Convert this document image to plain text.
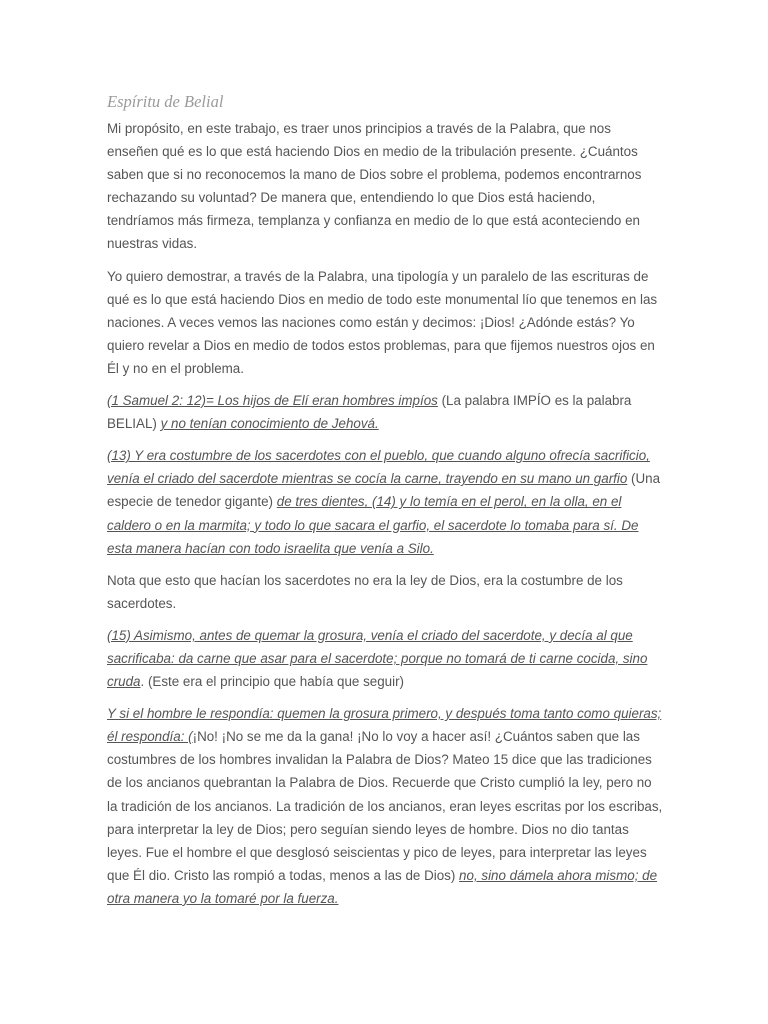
Espíritu de Belial

Mi propósito, en este trabajo, es traer unos principios a través de la Palabra, que nos enseñen qué es lo que está haciendo Dios en medio de la tribulación presente. ¿Cuántos saben que si no reconocemos la mano de Dios sobre el problema, podemos encontrarnos rechazando su voluntad? De manera que, entendiendo lo que Dios está haciendo, tendríamos más firmeza, templanza y confianza en medio de lo que está aconteciendo en nuestras vidas.

Yo quiero demostrar, a través de la Palabra, una tipología y un paralelo de las escrituras de qué es lo que está haciendo Dios en medio de todo este monumental lío que tenemos en las naciones. A veces vemos las naciones como están y decimos: ¡Dios! ¿Adónde estás? Yo quiero revelar a Dios en medio de todos estos problemas, para que fijemos nuestros ojos en Él y no en el problema.

(1 Samuel 2: 12)= Los hijos de Elí eran hombres impíos (La palabra IMPÍO es la palabra BELIAL) y no tenían conocimiento de Jehová.

(13) Y era costumbre de los sacerdotes con el pueblo, que cuando alguno ofrecía sacrificio, venía el criado del sacerdote mientras se cocía la carne, trayendo en su mano un garfio (Una especie de tenedor gigante) de tres dientes, (14) y lo temía en el perol, en la olla, en el caldero o en la marmita; y todo lo que sacara el garfio, el sacerdote lo tomaba para sí. De esta manera hacían con todo israelita que venía a Silo.

Nota que esto que hacían los sacerdotes no era la ley de Dios, era la costumbre de los sacerdotes.

(15) Asimismo, antes de quemar la grosura, venía el criado del sacerdote, y decía al que sacrificaba: da carne que asar para el sacerdote; porque no tomará de ti carne cocida, sino cruda. (Este era el principio que había que seguir)

Y si el hombre le respondía: quemen la grosura primero, y después toma tanto como quieras; él respondía: (¡No! ¡No se me da la gana! ¡No lo voy a hacer así! ¿Cuántos saben que las costumbres de los hombres invalidan la Palabra de Dios? Mateo 15 dice que las tradiciones de los ancianos quebrantan la Palabra de Dios. Recuerde que Cristo cumplió la ley, pero no la tradición de los ancianos. La tradición de los ancianos, eran leyes escritas por los escribas, para interpretar la ley de Dios; pero seguían siendo leyes de hombre. Dios no dio tantas leyes. Fue el hombre el que desglosó seiscientas y pico de leyes, para interpretar las leyes que Él dio. Cristo las rompió a todas, menos a las de Dios) no, sino dámela ahora mismo; de otra manera yo la tomaré por la fuerza.
